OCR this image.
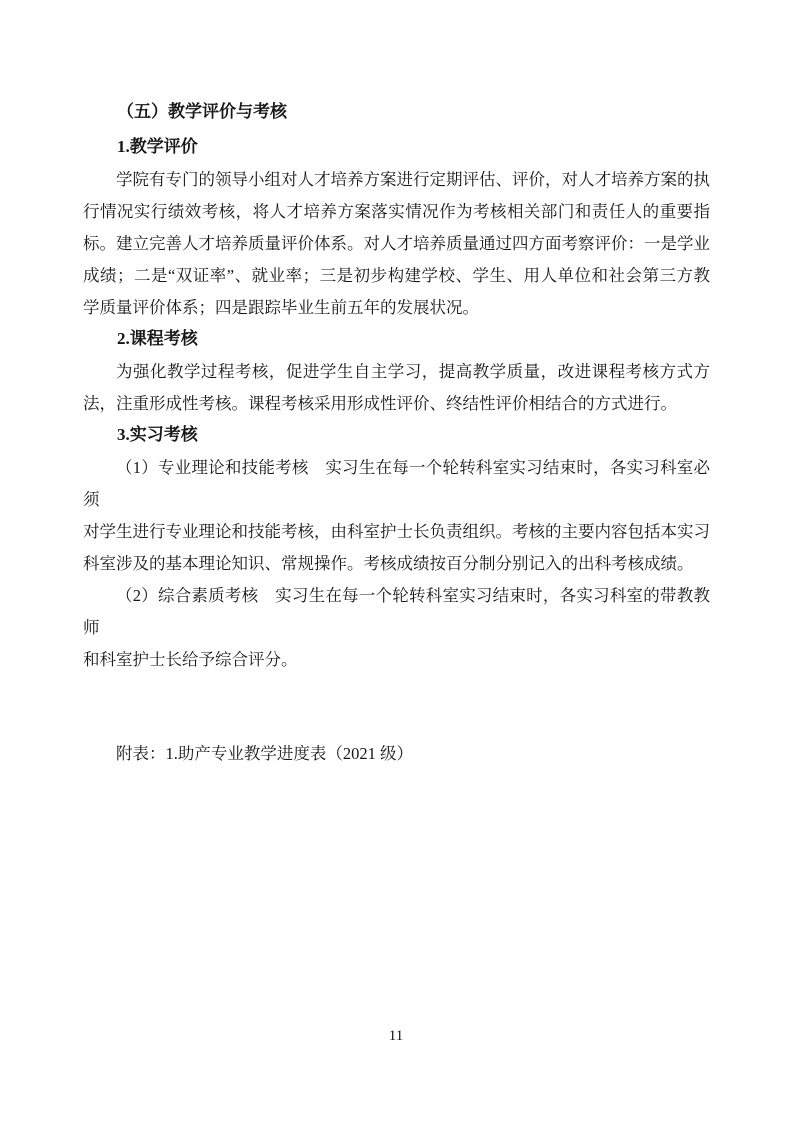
（五）教学评价与考核
1.教学评价
学院有专门的领导小组对人才培养方案进行定期评估、评价，对人才培养方案的执
行情况实行绩效考核，将人才培养方案落实情况作为考核相关部门和责任人的重要指
标。建立完善人才培养质量评价体系。对人才培养质量通过四方面考察评价：一是学业
成绩；二是“双证率”、就业率；三是初步构建学校、学生、用人单位和社会第三方教
学质量评价体系；四是跟踪毕业生前五年的发展状况。
2.课程考核
为强化教学过程考核，促进学生自主学习，提高教学质量，改进课程考核方式方
法，注重形成性考核。课程考核采用形成性评价、终结性评价相结合的方式进行。
3.实习考核
（1）专业理论和技能考核　实习生在每一个轮转科室实习结束时，各实习科室必须
对学生进行专业理论和技能考核，由科室护士长负责组织。考核的主要内容包括本实习
科室涉及的基本理论知识、常规操作。考核成绩按百分制分别记入的出科考核成绩。
（2）综合素质考核　实习生在每一个轮转科室实习结束时，各实习科室的带教教师
和科室护士长给予综合评分。
附表：1.助产专业教学进度表（2021 级）
11
